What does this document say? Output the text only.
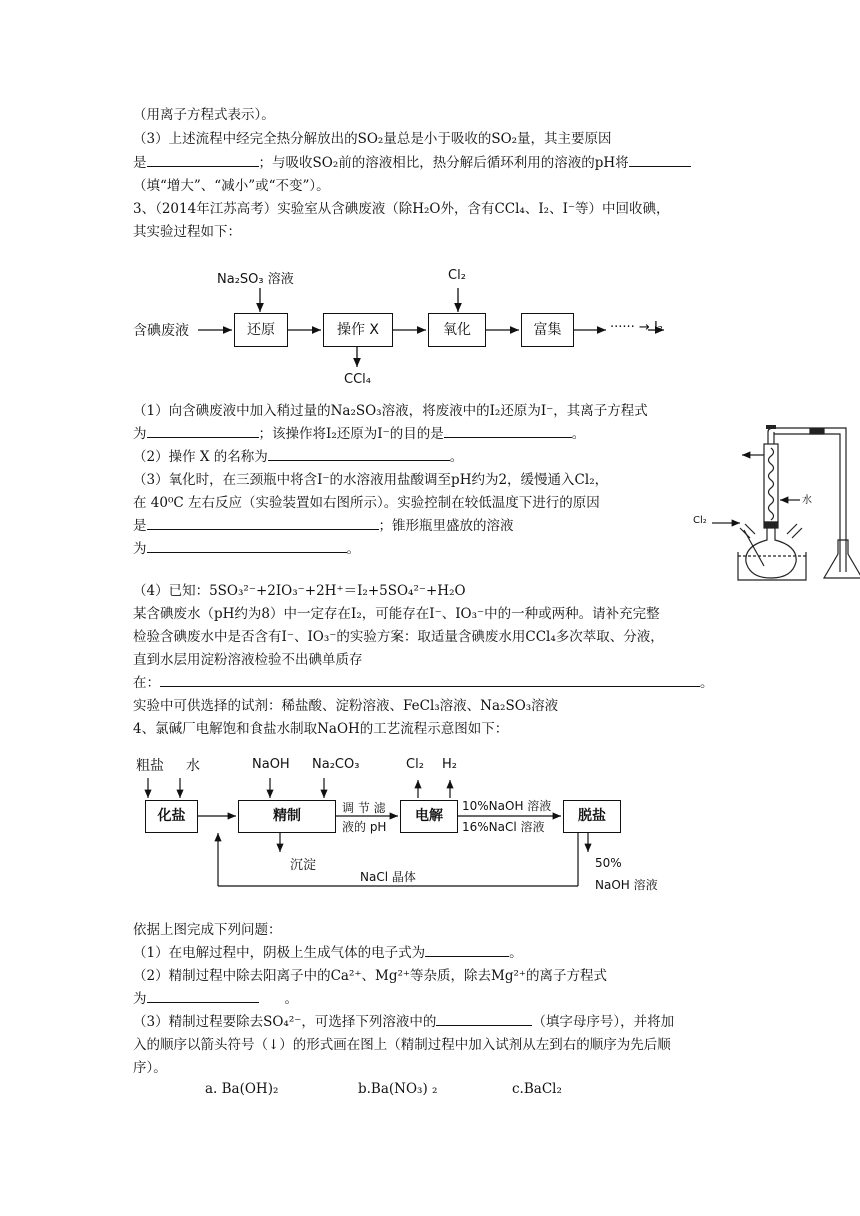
（用离子方程式表示）。
（3）上述流程中经完全热分解放出的SO₂量总是小于吸收的SO₂量，其主要原因
是	；与吸收SO₂前的溶液相比，热分解后循环利用的溶液的pH将
（填“增大”、“减小”或“不变”）。
3、（2014年江苏高考）实验室从含碘废液（除H₂O外，含有CCl₄、I₂、I⁻等）中回收碘，
其实验过程如下：
含碘废液	还原	操作 X	氧化	富集	······ → I₂
Na₂SO₃ 溶液	Cl₂
CCl₄
（1）向含碘废液中加入稍过量的Na₂SO₃溶液，将废液中的I₂还原为I⁻，其离子方程式
为	；该操作将I₂还原为I⁻的目的是	。
（2）操作 X 的名称为	。
（3）氧化时，在三颈瓶中将含I⁻的水溶液用盐酸调至pH约为2，缓慢通入Cl₂，
在 40⁰C 左右反应（实验装置如右图所示）。实验控制在较低温度下进行的原因
是	；锥形瓶里盛放的溶液
为	。
水
Cl₂
（4）已知：5SO₃²⁻+2IO₃⁻+2H⁺＝I₂+5SO₄²⁻+H₂O
某含碘废水（pH约为8）中一定存在I₂，可能存在I⁻、IO₃⁻中的一种或两种。请补充完整
检验含碘废水中是否含有I⁻、IO₃⁻的实验方案：取适量含碘废水用CCl₄多次萃取、分液，
直到水层用淀粉溶液检验不出碘单质存
在：	。
实验中可供选择的试剂：稀盐酸、淀粉溶液、FeCl₃溶液、Na₂SO₃溶液
4、氯碱厂电解饱和食盐水制取NaOH的工艺流程示意图如下：
粗盐 水	NaOH Na₂CO₃
化盐	精制	调 节 滤
液的 pH
电解
Cl₂ H₂
10%NaOH 溶液
16%NaCl 溶液
脱盐
沉淀
NaCl 晶体
50%
NaOH 溶液
依据上图完成下列问题：
（1）在电解过程中，阴极上生成气体的电子式为	。
（2）精制过程中除去阳离子中的Ca²⁺、Mg²⁺等杂质，除去Mg²⁺的离子方程式
为	。
（3）精制过程要除去SO₄²⁻，可选择下列溶液中的	（填字母序号），并将加
入的顺序以箭头符号（↓）的形式画在图上（精制过程中加入试剂从左到右的顺序为先后顺
序）。
a. Ba(OH)₂	b.Ba(NO₃) ₂	c.BaCl₂
